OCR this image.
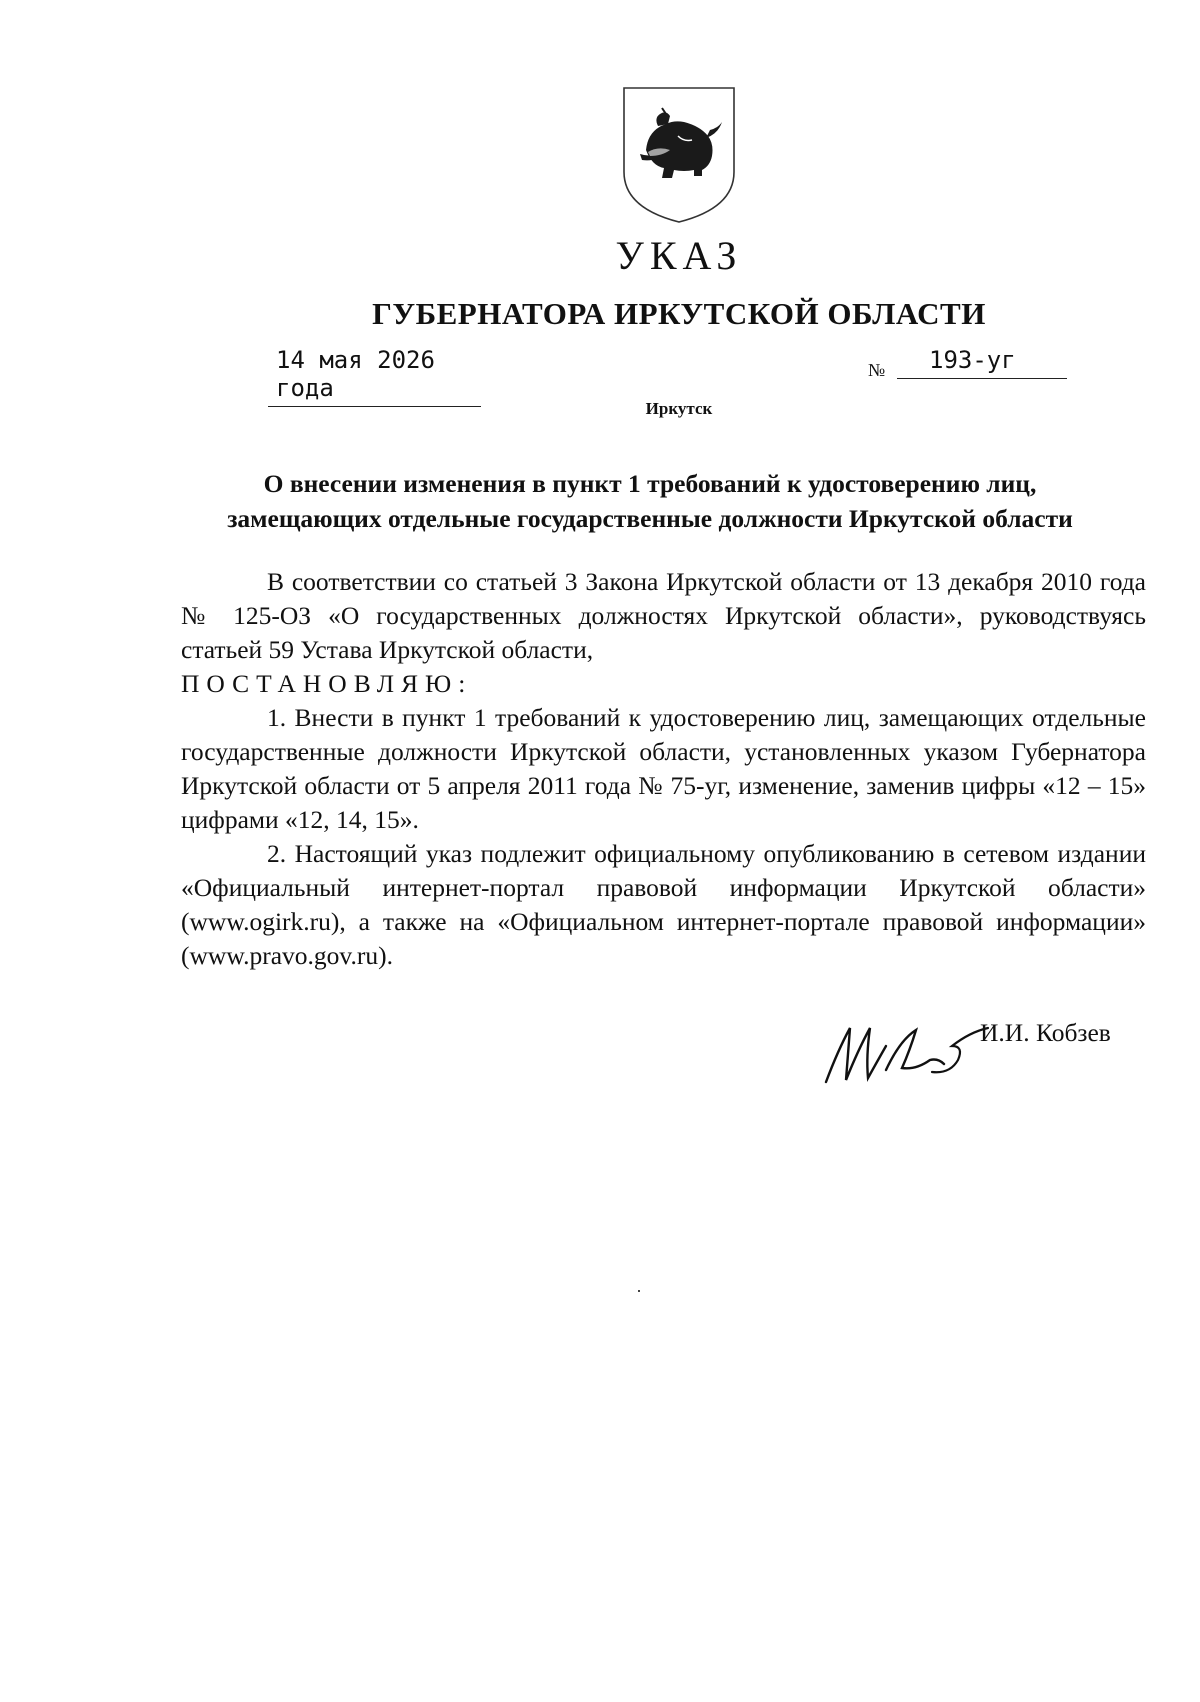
УКАЗ
ГУБЕРНАТОРА ИРКУТСКОЙ ОБЛАСТИ
14 мая 2026 года
№	193-уг
Иркутск
О внесении изменения в пункт 1 требований к удостоверению лиц,
замещающих отдельные государственные должности Иркутской области

В соответствии со статьей 3 Закона Иркутской области от 13 декабря 2010 года № 125-ОЗ «О государственных должностях Иркутской области», руководствуясь статьей 59 Устава Иркутской области,

ПОСТАНОВЛЯЮ:

1. Внести в пункт 1 требований к удостоверению лиц, замещающих отдельные государственные должности Иркутской области, установленных указом Губернатора Иркутской области от 5 апреля 2011 года № 75-уг, изменение, заменив цифры «12 – 15» цифрами «12, 14, 15».

2. Настоящий указ подлежит официальному опубликованию в сетевом издании «Официальный интернет-портал правовой информации Иркутской области» (www.ogirk.ru), а также на «Официальном интернет-портале правовой информации» (www.pravo.gov.ru).

И.И. Кобзев
